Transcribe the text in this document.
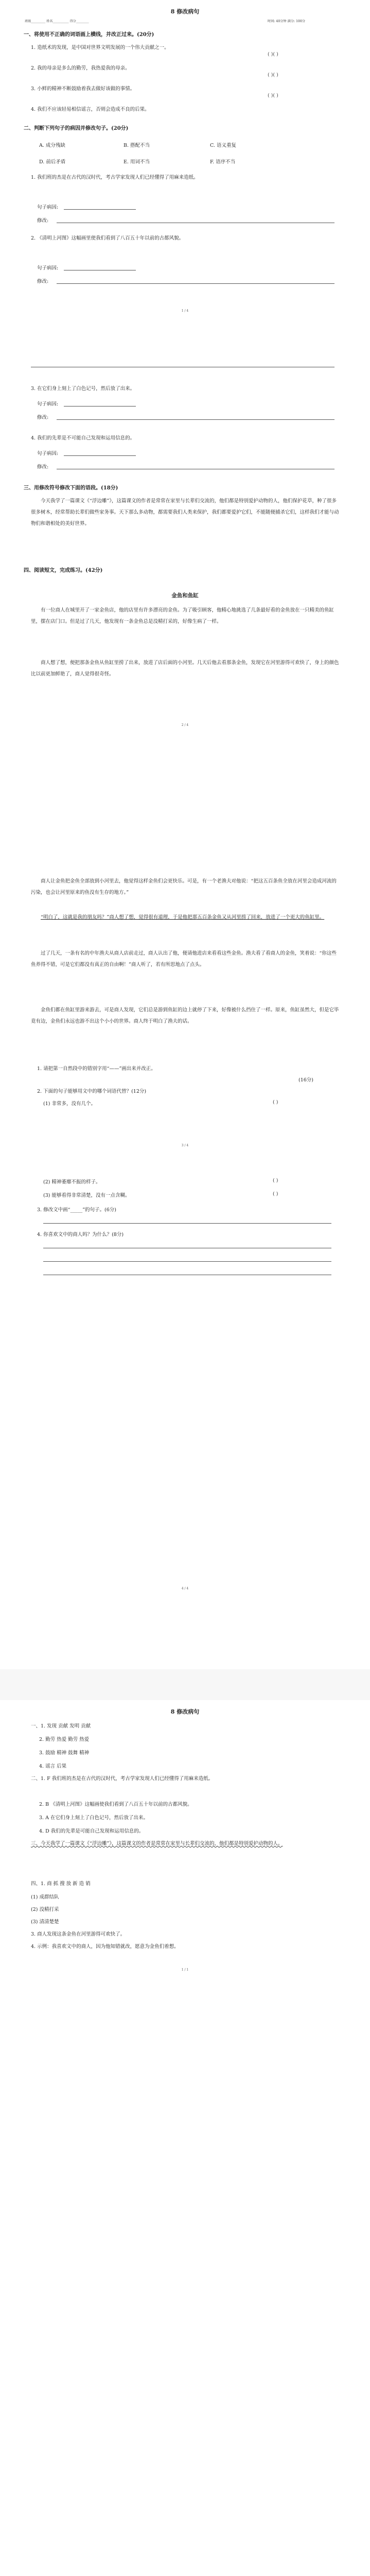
8 修改病句
班级_________ 姓名__________ 得分________	时间: 40分钟 满分: 100分
一、将使用不正确的词语画上横线，并改正过来。(20分)
1. 造纸术的发现，是中国对世界文明发展的一个伟大贡献之一。
( )( )
2. 我的母亲是多么的勤劳，我热爱我的母亲。
( )( )
3. 小鲜的精神不断鼓励着我去做好该做的事情。
( )( )
4. 我们不应该轻易相信谣言，否则会造成不良的后果。
二、判断下列句子的病因并修改句子。(20分)
A. 成分残缺	B. 搭配不当	C. 语义重复
D. 前后矛盾	E. 用词不当	F. 语序不当
1. 我们班的杰是在古代的汉时代，考古学家发现人们已经懂得了用麻来造纸。
句子病因:
修改:
2. 《清明上河图》这幅画里使我们看到了八百五十年以前的古都风貌。
句子病因:
修改:
1 / 4
3. 在它们身上刻上了白色记号，然后放了出来。
句子病因:
修改:
4. 我们的先辈是不可能自己发现和运用信息的。
句子病因:
修改:
三、用修改符号修改下面的语段。(18分)
今天我学了一篇课文《“浮边雕”》，这篇课文的作者是常常在家里与长辈们交流的，他们都是特别爱护动物的人，他们保护花草，种了很多很多树木，经常帮助长辈们做些家务事。天下那么多动物，都需要我们人类来保护，我们都要爱护它们，不能随便捕杀它们，这样我们才能与动物们和谐相处的美好世界。
四、阅读短文，完成练习。(42分)
金鱼和鱼缸
有一位商人在城里开了一家金鱼店，他的店里有许多漂亮的金鱼。为了吸引顾客，他精心地挑选了几条最好看的金鱼放在一只精美的鱼缸里，摆在店门口。但是过了几天，他发现有一条金鱼总是没精打采的，好像生病了一样。
商人想了想，便把那条金鱼从鱼缸里捞了出来，放进了店后面的小河里。几天后他去看那条金鱼，发现它在河里游得可欢快了，身上的颜色比以前更加鲜艳了，商人觉得很奇怪。
2 / 4
商人让金鱼把金鱼全部放到小河里去，他觉得这样金鱼们会更快乐。可是，有一个老渔夫对他说：“把这五百条鱼全放在河里会造成河流的污染，也会让河里原来的鱼没有生存的地方。”
“明白了，这就是我的朋友吗？”商人想了想，觉得很有道理，于是他把那五百条金鱼又从河里捞了回来，放进了一个更大的鱼缸里。
过了几天，一条有名的中年渔夫从商人店前走过，商人认出了他，便请他进店来看看这些金鱼。渔夫看了看商人的金鱼，笑着说：“你这些鱼养得不错，可是它们都没有真正的自由啊！”商人听了，若有所思地点了点头。
金鱼们都在鱼缸里游来游去，可是商人发现，它们总是游到鱼缸的边上就停了下来，好像被什么挡住了一样。原来，鱼缸虽然大，但是它毕竟有边，金鱼们永远也游不出这个小小的世界。商人终于明白了渔夫的话。
1. 请把第一自然段中的错别字用“——”画出来并改正。
(16分)
2. 下面的句子能够用文中的哪个词语代替？(12分)
(1) 非常多，没有几个。	( )
3 / 4
(2) 精神萎靡不振的样子。	( )
(3) 能够看得非常清楚，没有一点含糊。	( )
3. 修改文中画“_____”的句子。(6分)
4. 你喜欢文中的商人吗？为什么？(8分)
4 / 4
8 修改病句
一、1. 发现 贡献 发明 贡献
2. 勤劳 热爱 勤劳 热爱
3. 鼓励 精神 鼓舞 精神
4. 谣言 后果
二、1. F 我们班的杰是在古代的汉时代，考古学家发现人们已经懂得了用麻来造纸。
2. B 《清明上河图》这幅画使我们看到了八百五十年以前的古都风貌。
3. A 在它们身上刻上了白色记号，然后放了出来。
4. D 我们的先辈是可能自己发现和运用信息的。
三、今天我学了一篇课文《“浮边雕”》，这篇课文的作者是常常在家里与长辈们交流的，他们都是特别爱护动物的人。
四、1. 商 抓 搜 放 新 造 销
(1) 成群结队
(2) 没精打采
(3) 清清楚楚
3. 商人发现这条金鱼在河里游得可欢快了。
4. 示例：我喜欢文中的商人，因为他知错就改，愿意为金鱼们着想。
1 / 1
